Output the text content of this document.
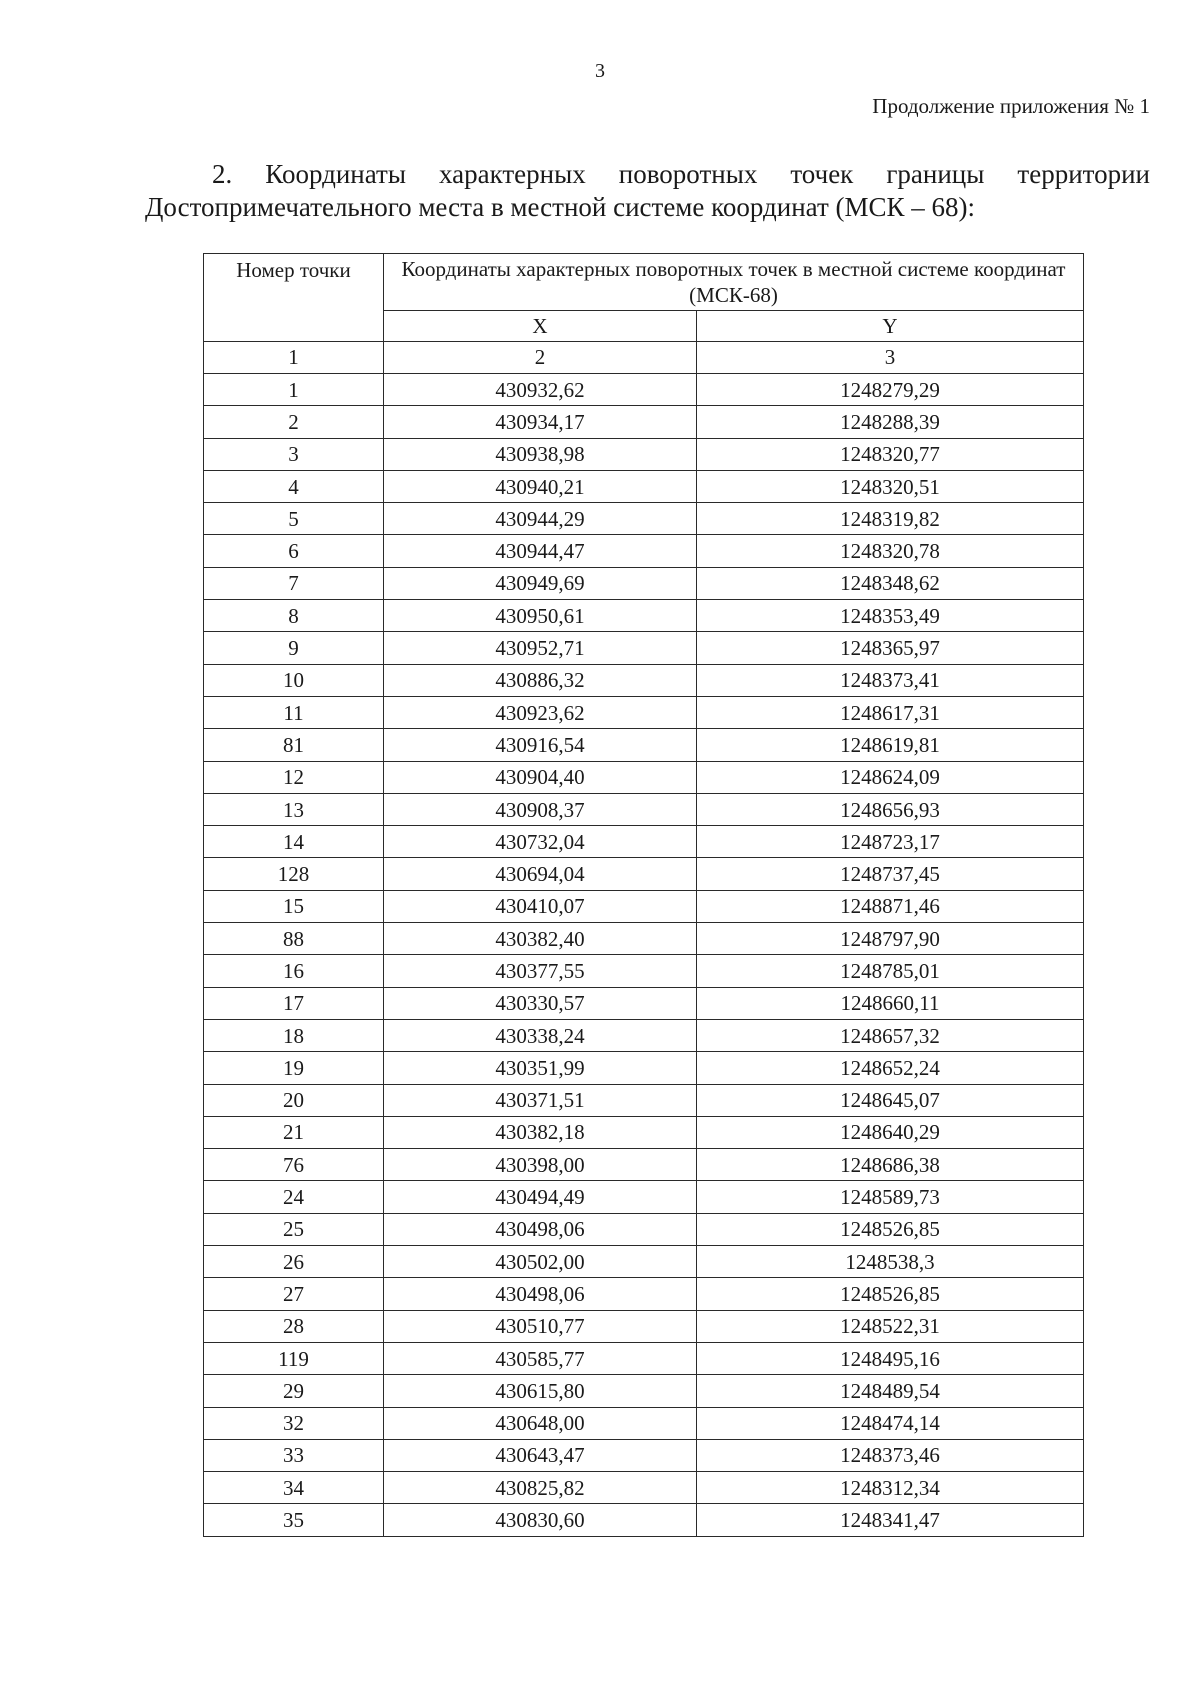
3
Продолжение приложения № 1
2. Координаты характерных поворотных точек границы территории Достопримечательного места в местной системе координат (МСК – 68):
Номер точки	Координаты характерных поворотных точек в местной системе координат (МСК-68)	
	X	Y
1	2	3
1	430932,62	1248279,29
2	430934,17	1248288,39
3	430938,98	1248320,77
4	430940,21	1248320,51
5	430944,29	1248319,82
6	430944,47	1248320,78
7	430949,69	1248348,62
8	430950,61	1248353,49
9	430952,71	1248365,97
10	430886,32	1248373,41
11	430923,62	1248617,31
81	430916,54	1248619,81
12	430904,40	1248624,09
13	430908,37	1248656,93
14	430732,04	1248723,17
128	430694,04	1248737,45
15	430410,07	1248871,46
88	430382,40	1248797,90
16	430377,55	1248785,01
17	430330,57	1248660,11
18	430338,24	1248657,32
19	430351,99	1248652,24
20	430371,51	1248645,07
21	430382,18	1248640,29
76	430398,00	1248686,38
24	430494,49	1248589,73
25	430498,06	1248526,85
26	430502,00	1248538,3
27	430498,06	1248526,85
28	430510,77	1248522,31
119	430585,77	1248495,16
29	430615,80	1248489,54
32	430648,00	1248474,14
33	430643,47	1248373,46
34	430825,82	1248312,34
35	430830,60	1248341,47
